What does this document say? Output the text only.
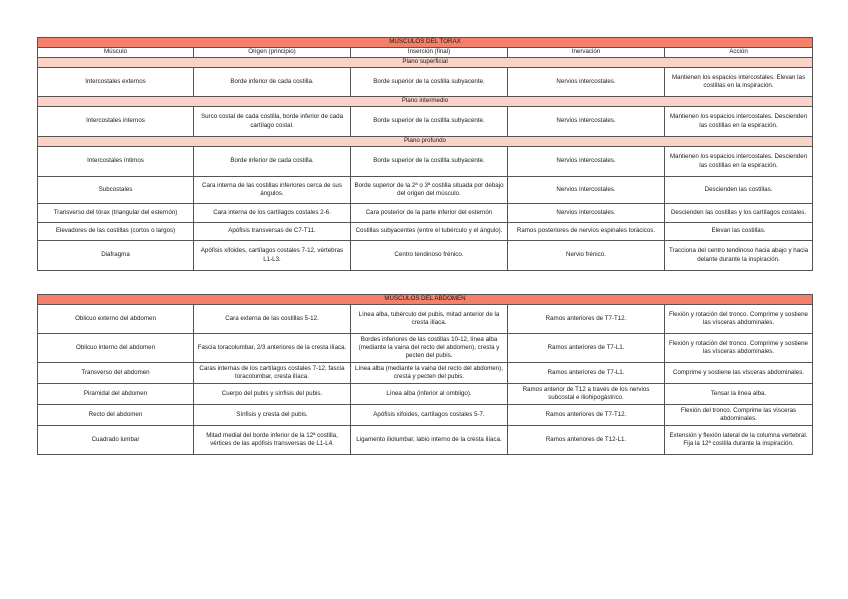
MÚSCULOS DEL TÓRAX				
Músculo	Origen (principio)	Inserción (final)	Inervación	Acción
Plano superficial				
Intercostales externos	Borde inferior de cada costilla.	Borde superior de la costilla subyacente.	Nervios intercostales.	Mantienen los espacios intercostales. Elevan las costillas en la inspiración.
Plano intermedio				
Intercostales internos	Surco costal de cada costilla, borde inferior de cada cartílago costal.	Borde superior de la costilla subyacente.	Nervios intercostales.	Mantienen los espacios intercostales. Descienden las costillas en la espiración.
Plano profundo				
Intercostales íntimos	Borde inferior de cada costilla.	Borde superior de la costilla subyacente.	Nervios intercostales.	Mantienen los espacios intercostales. Descienden las costillas en la espiración.
Subcostales	Cara interna de las costillas inferiores cerca de sus ángulos.	Borde superior de la 2ª o 3ª costilla situada por debajo del origen del músculo.	Nervios intercostales.	Descienden las costillas.
Transverso del tórax (triangular del esternón)	Cara interna de los cartílagos costales 2-6.	Cara posterior de la parte inferior del esternón	Nervios intercostales.	Descienden las costillas y los cartílagos costales.
Elevadores de las costillas (cortos o largos)	Apófisis transversas de C7-T11.	Costillas subyacentes (entre el tubérculo y el ángulo).	Ramos posteriores de nervios espinales torácicos.	Elevan las costillas.
Diafragma	Apófisis xifoides, cartílagos costales 7-12, vértebras L1-L3.	Centro tendinoso frénico.	Nervio frénico.	Tracciona del centro tendinoso hacia abajo y hacia delante durante la inspiración.
MÚSCULOS DEL ABDOMEN				
Oblicuo externo del abdomen	Cara externa de las costillas 5-12.	Línea alba, tubérculo del pubis, mitad anterior de la cresta ilíaca.	Ramos anteriores de T7-T12.	Flexión y rotación del tronco. Comprime y sostiene las vísceras abdominales.
Oblicuo interno del abdomen	Fascia toracolumbar, 2/3 anteriores de la cresta ilíaca.	Bordes inferiores de las costillas 10-12, línea alba (mediante la vaina del recto del abdomen), cresta y pecten del pubis.	Ramos anteriores de T7-L1.	Flexión y rotación del tronco. Comprime y sostiene las vísceras abdominales.
Transverso del abdomen	Caras internas de los cartílagos costales 7-12, fascia toracolumbar, cresta ilíaca.	Línea alba (mediante la vaina del recto del abdomen), cresta y pecten del pubis.	Ramos anteriores de T7-L1.	Comprime y sostiene las vísceras abdominales.
Piramidal del abdomen	Cuerpo del pubis y sínfisis del pubis.	Línea alba (inferior al ombligo).	Ramos anterior de T12 a través de los nervios subcostal e iliohipogástrico.	Tensar la línea alba.
Recto del abdomen	Sínfisis y cresta del pubis.	Apófisis xifoides, cartílagos costales 5-7.	Ramos anteriores de T7-T12.	Flexión del tronco. Comprime las vísceras abdominales.
Cuadrado lumbar	Mitad medial del borde inferior de la 12ª costilla, vértices de las apófisis transversas de L1-L4.	Ligamento iliolumbar, labio interno de la cresta ilíaca.	Ramos anteriores de T12-L1.	Extensión y flexión lateral de la columna vertebral. Fija la 12ª costilla durante la inspiración.
